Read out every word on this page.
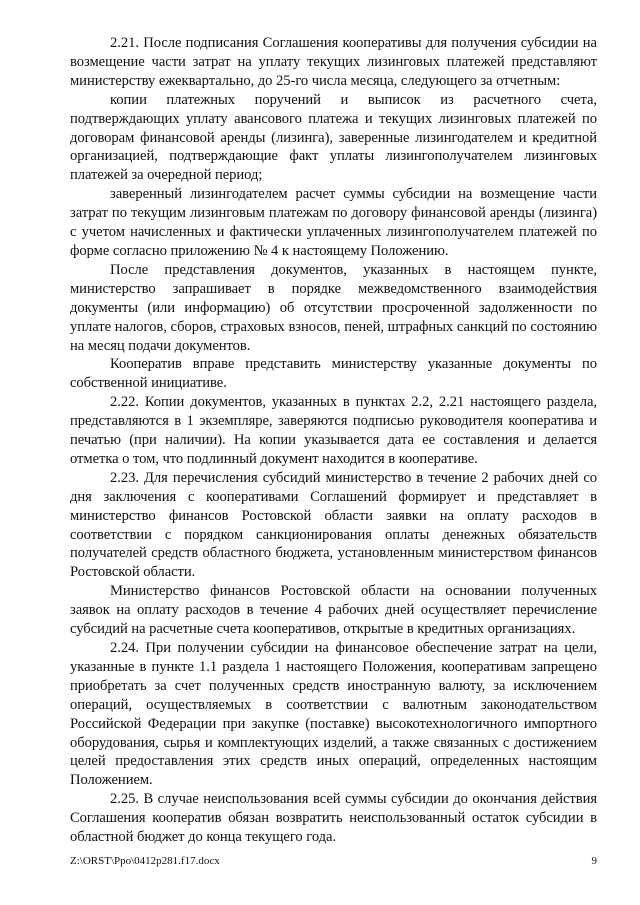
2.21. После подписания Соглашения кооперативы для получения субсидии на возмещение части затрат на уплату текущих лизинговых платежей представляют министерству ежеквартально, до 25-го числа месяца, следующего за отчетным:

копии платежных поручений и выписок из расчетного счета, подтверждающих уплату авансового платежа и текущих лизинговых платежей по договорам финансовой аренды (лизинга), заверенные лизингодателем и кредитной организацией, подтверждающие факт уплаты лизингополучателем лизинговых платежей за очередной период;

заверенный лизингодателем расчет суммы субсидии на возмещение части затрат по текущим лизинговым платежам по договору финансовой аренды (лизинга) с учетом начисленных и фактически уплаченных лизингополучателем платежей по форме согласно приложению № 4 к настоящему Положению.

После представления документов, указанных в настоящем пункте, министерство запрашивает в порядке межведомственного взаимодействия документы (или информацию) об отсутствии просроченной задолженности по уплате налогов, сборов, страховых взносов, пеней, штрафных санкций по состоянию на месяц подачи документов.

Кооператив вправе представить министерству указанные документы по собственной инициативе.

2.22. Копии документов, указанных в пунктах 2.2, 2.21 настоящего раздела, представляются в 1 экземпляре, заверяются подписью руководителя кооператива и печатью (при наличии). На копии указывается дата ее составления и делается отметка о том, что подлинный документ находится в кооперативе.

2.23. Для перечисления субсидий министерство в течение 2 рабочих дней со дня заключения с кооперативами Соглашений формирует и представляет в министерство финансов Ростовской области заявки на оплату расходов в соответствии с порядком санкционирования оплаты денежных обязательств получателей средств областного бюджета, установленным министерством финансов Ростовской области.

Министерство финансов Ростовской области на основании полученных заявок на оплату расходов в течение 4 рабочих дней осуществляет перечисление субсидий на расчетные счета кооперативов, открытые в кредитных организациях.

2.24. При получении субсидии на финансовое обеспечение затрат на цели, указанные в пункте 1.1 раздела 1 настоящего Положения, кооперативам запрещено приобретать за счет полученных средств иностранную валюту, за исключением операций, осуществляемых в соответствии с валютным законодательством Российской Федерации при закупке (поставке) высокотехнологичного импортного оборудования, сырья и комплектующих изделий, а также связанных с достижением целей предоставления этих средств иных операций, определенных настоящим Положением.

2.25. В случае неиспользования всей суммы субсидии до окончания действия Соглашения кооператив обязан возвратить неиспользованный остаток субсидии в областной бюджет до конца текущего года.

Z:\ORST\Ppo\0412p281.f17.docx	9
